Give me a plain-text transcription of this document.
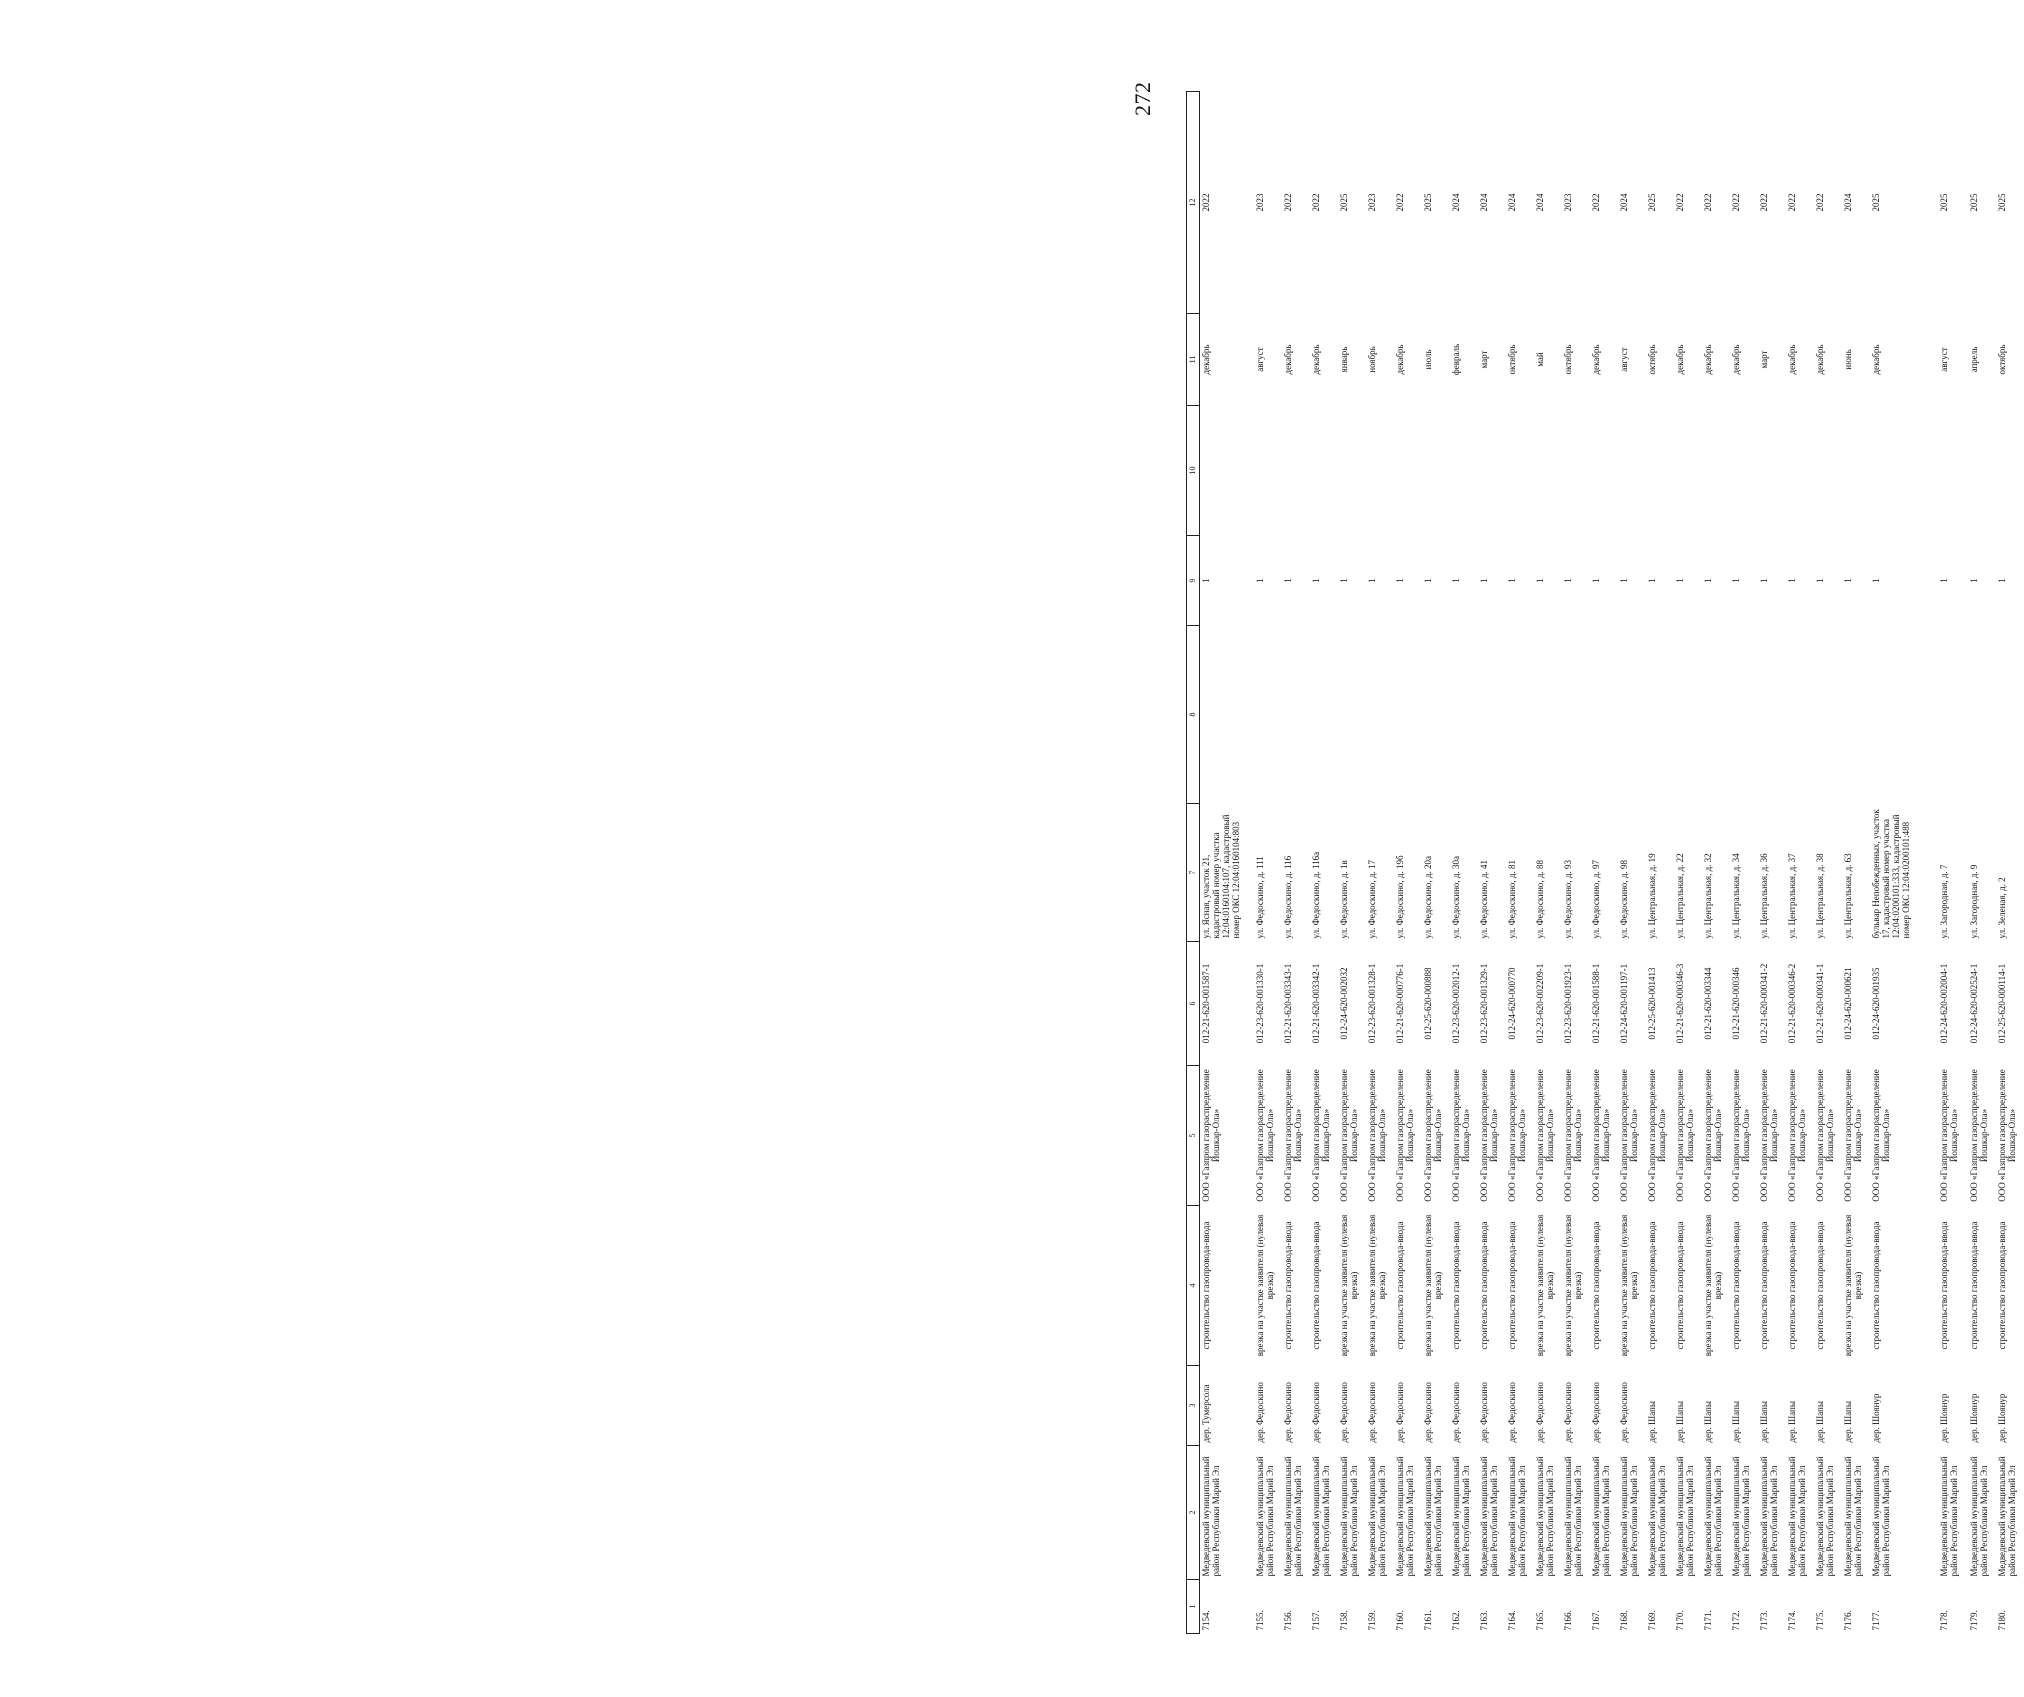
272
1	2	3	4	5	6	7	8	9	10	11	12
7154.	Медведевский муниципальный район Республики Марий Эл	дер. Тумерсола	строительство газопровода-ввода	ООО «Газпром газораспределение Йошкар-Ола»	012-21-620-001587-1	ул. Ясная, участок 21, кадастровый номер участка 12:04:0160104:107, кадастровый номер ОКС 12:04:0160104:803		1		декабрь	2022
7155.	Медведевский муниципальный район Республики Марий Эл	дер. Федоскино	врезка на участке заявителя (нулевая врезка)	ООО «Газпром газораспределение Йошкар-Ола»	012-23-620-001330-1	ул. Федоскино, д. 111		1		август	2023
7156.	Медведевский муниципальный район Республики Марий Эл	дер. Федоскино	строительство газопровода-ввода	ООО «Газпром газораспределение Йошкар-Ола»	012-21-620-003343-1	ул. Федоскино, д. 116		1		декабрь	2022
7157.	Медведевский муниципальный район Республики Марий Эл	дер. Федоскино	строительство газопровода-ввода	ООО «Газпром газораспределение Йошкар-Ола»	012-21-620-003342-1	ул. Федоскино, д. 116а		1		декабрь	2022
7158.	Медведевский муниципальный район Республики Марий Эл	дер. Федоскино	врезка на участке заявителя (нулевая врезка)	ООО «Газпром газораспределение Йошкар-Ола»	012-24-620-002032	ул. Федоскино, д. 1в		1		январь	2025
7159.	Медведевский муниципальный район Республики Марий Эл	дер. Федоскино	врезка на участке заявителя (нулевая врезка)	ООО «Газпром газораспределение Йошкар-Ола»	012-23-620-001328-1	ул. Федоскино, д. 17		1		ноябрь	2023
7160.	Медведевский муниципальный район Республики Марий Эл	дер. Федоскино	строительство газопровода-ввода	ООО «Газпром газораспределение Йошкар-Ола»	012-21-620-000776-1	ул. Федоскино, д. 19б		1		декабрь	2022
7161.	Медведевский муниципальный район Республики Марий Эл	дер. Федоскино	врезка на участке заявителя (нулевая врезка)	ООО «Газпром газораспределение Йошкар-Ола»	012-25-620-000888	ул. Федоскино, д. 20а		1		июль	2025
7162.	Медведевский муниципальный район Республики Марий Эл	дер. Федоскино	строительство газопровода-ввода	ООО «Газпром газораспределение Йошкар-Ола»	012-23-620-002012-1	ул. Федоскино, д. 30а		1		февраль	2024
7163.	Медведевский муниципальный район Республики Марий Эл	дер. Федоскино	строительство газопровода-ввода	ООО «Газпром газораспределение Йошкар-Ола»	012-23-620-001329-1	ул. Федоскино, д. 41		1		март	2024
7164.	Медведевский муниципальный район Республики Марий Эл	дер. Федоскино	строительство газопровода-ввода	ООО «Газпром газораспределение Йошкар-Ола»	012-24-620-000770	ул. Федоскино, д. 81		1		октябрь	2024
7165.	Медведевский муниципальный район Республики Марий Эл	дер. Федоскино	врезка на участке заявителя (нулевая врезка)	ООО «Газпром газораспределение Йошкар-Ола»	012-23-620-002209-1	ул. Федоскино, д. 88		1		май	2024
7166.	Медведевский муниципальный район Республики Марий Эл	дер. Федоскино	врезка на участке заявителя (нулевая врезка)	ООО «Газпром газораспределение Йошкар-Ола»	012-23-620-001923-1	ул. Федоскино, д. 93		1		октябрь	2023
7167.	Медведевский муниципальный район Республики Марий Эл	дер. Федоскино	строительство газопровода-ввода	ООО «Газпром газораспределение Йошкар-Ола»	012-21-620-001588-1	ул. Федоскино, д. 97		1		декабрь	2022
7168.	Медведевский муниципальный район Республики Марий Эл	дер. Федоскино	врезка на участке заявителя (нулевая врезка)	ООО «Газпром газораспределение Йошкар-Ола»	012-24-620-001197-1	ул. Федоскино, д. 98		1		август	2024
7169.	Медведевский муниципальный район Республики Марий Эл	дер. Шапы	строительство газопровода-ввода	ООО «Газпром газораспределение Йошкар-Ола»	012-25-620-001413	ул. Центральная, д. 19		1		октябрь	2025
7170.	Медведевский муниципальный район Республики Марий Эл	дер. Шапы	строительство газопровода-ввода	ООО «Газпром газораспределение Йошкар-Ола»	012-21-620-000346-3	ул. Центральная, д. 22		1		декабрь	2022
7171.	Медведевский муниципальный район Республики Марий Эл	дер. Шапы	врезка на участке заявителя (нулевая врезка)	ООО «Газпром газораспределение Йошкар-Ола»	012-21-620-003344	ул. Центральная, д. 32		1		декабрь	2022
7172.	Медведевский муниципальный район Республики Марий Эл	дер. Шапы	строительство газопровода-ввода	ООО «Газпром газораспределение Йошкар-Ола»	012-21-620-000346	ул. Центральная, д. 34		1		декабрь	2022
7173.	Медведевский муниципальный район Республики Марий Эл	дер. Шапы	строительство газопровода-ввода	ООО «Газпром газораспределение Йошкар-Ола»	012-21-620-000341-2	ул. Центральная, д. 36		1		март	2022
7174.	Медведевский муниципальный район Республики Марий Эл	дер. Шапы	строительство газопровода-ввода	ООО «Газпром газораспределение Йошкар-Ола»	012-21-620-000346-2	ул. Центральная, д. 37		1		декабрь	2022
7175.	Медведевский муниципальный район Республики Марий Эл	дер. Шапы	строительство газопровода-ввода	ООО «Газпром газораспределение Йошкар-Ола»	012-21-620-000341-1	ул. Центральная, д. 38		1		декабрь	2022
7176.	Медведевский муниципальный район Республики Марий Эл	дер. Шапы	врезка на участке заявителя (нулевая врезка)	ООО «Газпром газораспределение Йошкар-Ола»	012-24-620-000621	ул. Центральная, д. 63		1		июнь	2024
7177.	Медведевский муниципальный район Республики Марий Эл	дер. Шоянур	строительство газопровода-ввода	ООО «Газпром газораспределение Йошкар-Ола»	012-24-620-001935	бульвар Непобежденных, участок 17, кадастровый номер участка 12:04:0200101:333, кадастровый номер ОКС 12:04:0200101:488		1		декабрь	2025
7178.	Медведевский муниципальный район Республики Марий Эл	дер. Шоянур	строительство газопровода-ввода	ООО «Газпром газораспределение Йошкар-Ола»	012-24-620-002004-1	ул. Загородная, д. 7		1		август	2025
7179.	Медведевский муниципальный район Республики Марий Эл	дер. Шоянур	строительство газопровода-ввода	ООО «Газпром газораспределение Йошкар-Ола»	012-24-620-002524-1	ул. Загородная, д. 9		1		апрель	2025
7180.	Медведевский муниципальный район Республики Марий Эл	дер. Шоянур	строительство газопровода-ввода	ООО «Газпром газораспределение Йошкар-Ола»	012-25-620-000114-1	ул. Зеленая, д. 2		1		октябрь	2025
